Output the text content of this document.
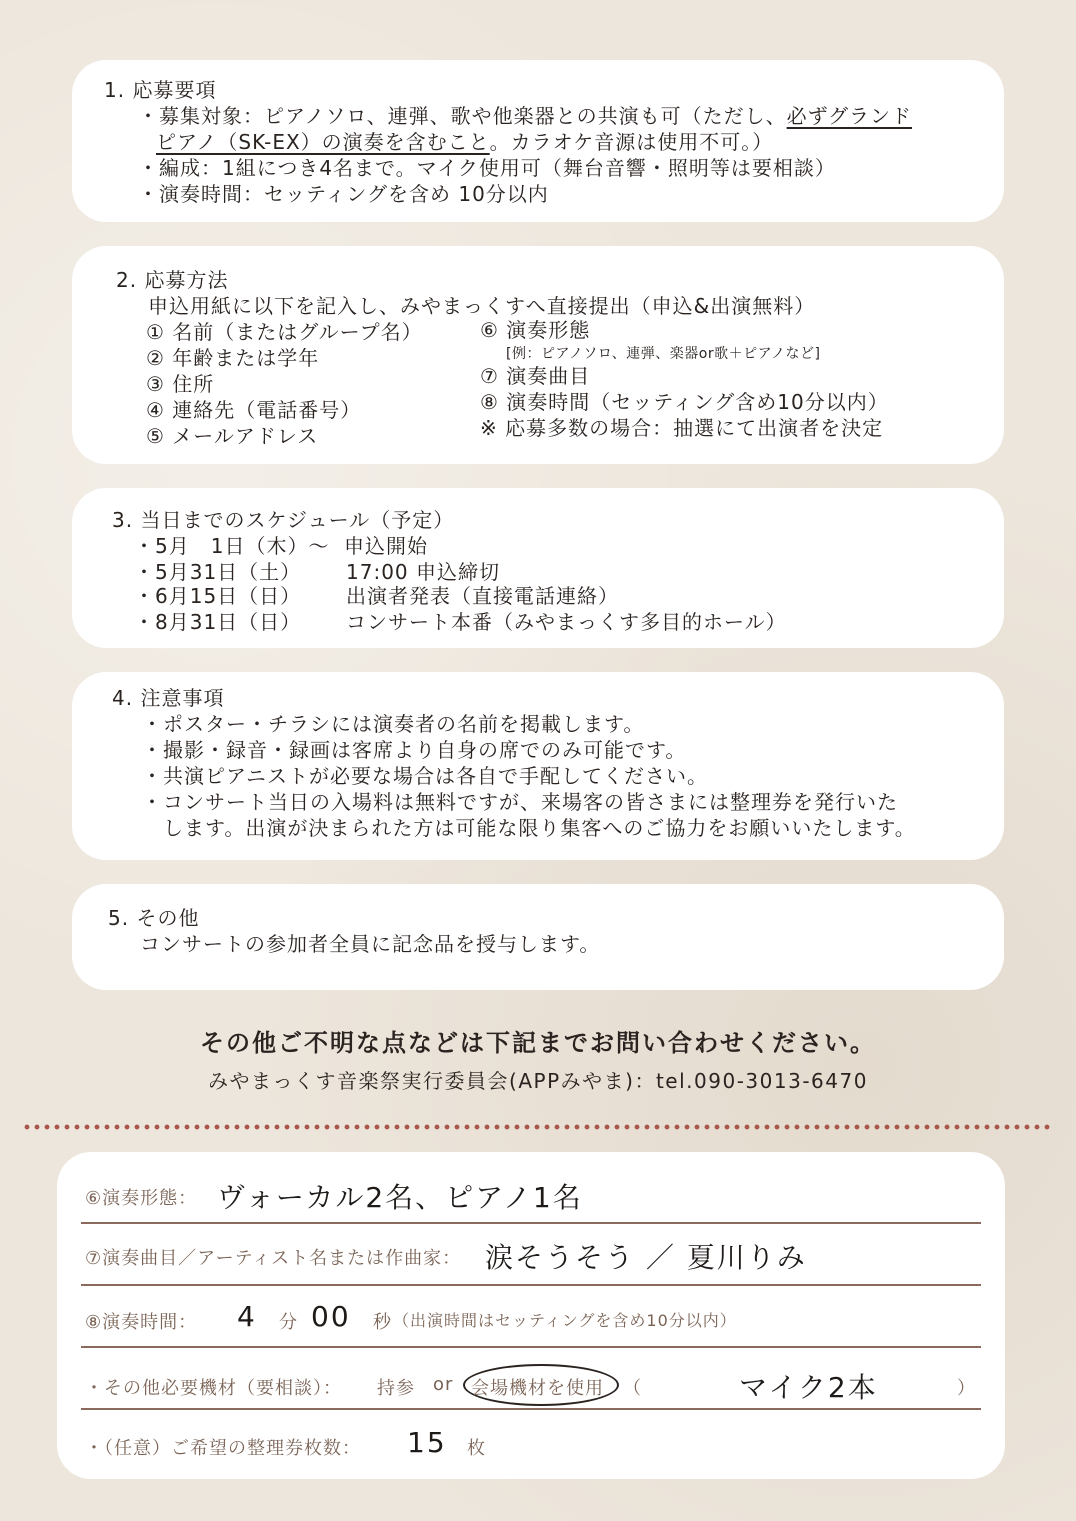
1. 応募要項
・募集対象：ピアノソロ、連弾、歌や他楽器との共演も可（ただし、必ずグランド
ピアノ（SK-EX）の演奏を含むこと。カラオケ音源は使用不可。）
・編成：1組につき4名まで。マイク使用可（舞台音響・照明等は要相談）
・演奏時間：セッティングを含め 10分以内
2. 応募方法
申込用紙に以下を記入し、みやまっくすへ直接提出（申込&出演無料）
① 名前（またはグループ名）
② 年齢または学年
③ 住所
④ 連絡先（電話番号）
⑤ メールアドレス
⑥ 演奏形態
[例：ピアノソロ、連弾、楽器or歌＋ピアノなど]
⑦ 演奏曲目
⑧ 演奏時間（セッティング含め10分以内）
※ 応募多数の場合：抽選にて出演者を決定
3. 当日までのスケジュール（予定）
・5月　1日（木）～ 申込開始
・5月31日（土） 17:00 申込締切
・6月15日（日） 出演者発表（直接電話連絡）
・8月31日（日） コンサート本番（みやまっくす多目的ホール）
4. 注意事項
・ポスター・チラシには演奏者の名前を掲載します。
・撮影・録音・録画は客席より自身の席でのみ可能です。
・共演ピアニストが必要な場合は各自で手配してください。
・コンサート当日の入場料は無料ですが、来場客の皆さまには整理券を発行いた
　します。出演が決まられた方は可能な限り集客へのご協力をお願いいたします。
5. その他
コンサートの参加者全員に記念品を授与します。
その他ご不明な点などは下記までお問い合わせください。
みやまっくす音楽祭実行委員会(APPみやま)：tel.090-3013-6470
⑥演奏形態： ヴォーカル2名、ピアノ1名
⑦演奏曲目／アーティスト名または作曲家： 涙そうそう ／ 夏川りみ
⑧演奏時間： 4 分 00 秒 （出演時間はセッティングを含め10分以内）
・その他必要機材（要相談）： 持参 or 会場機材を使用 （	マイク2本	）
・（任意）ご希望の整理券枚数： 15 枚
